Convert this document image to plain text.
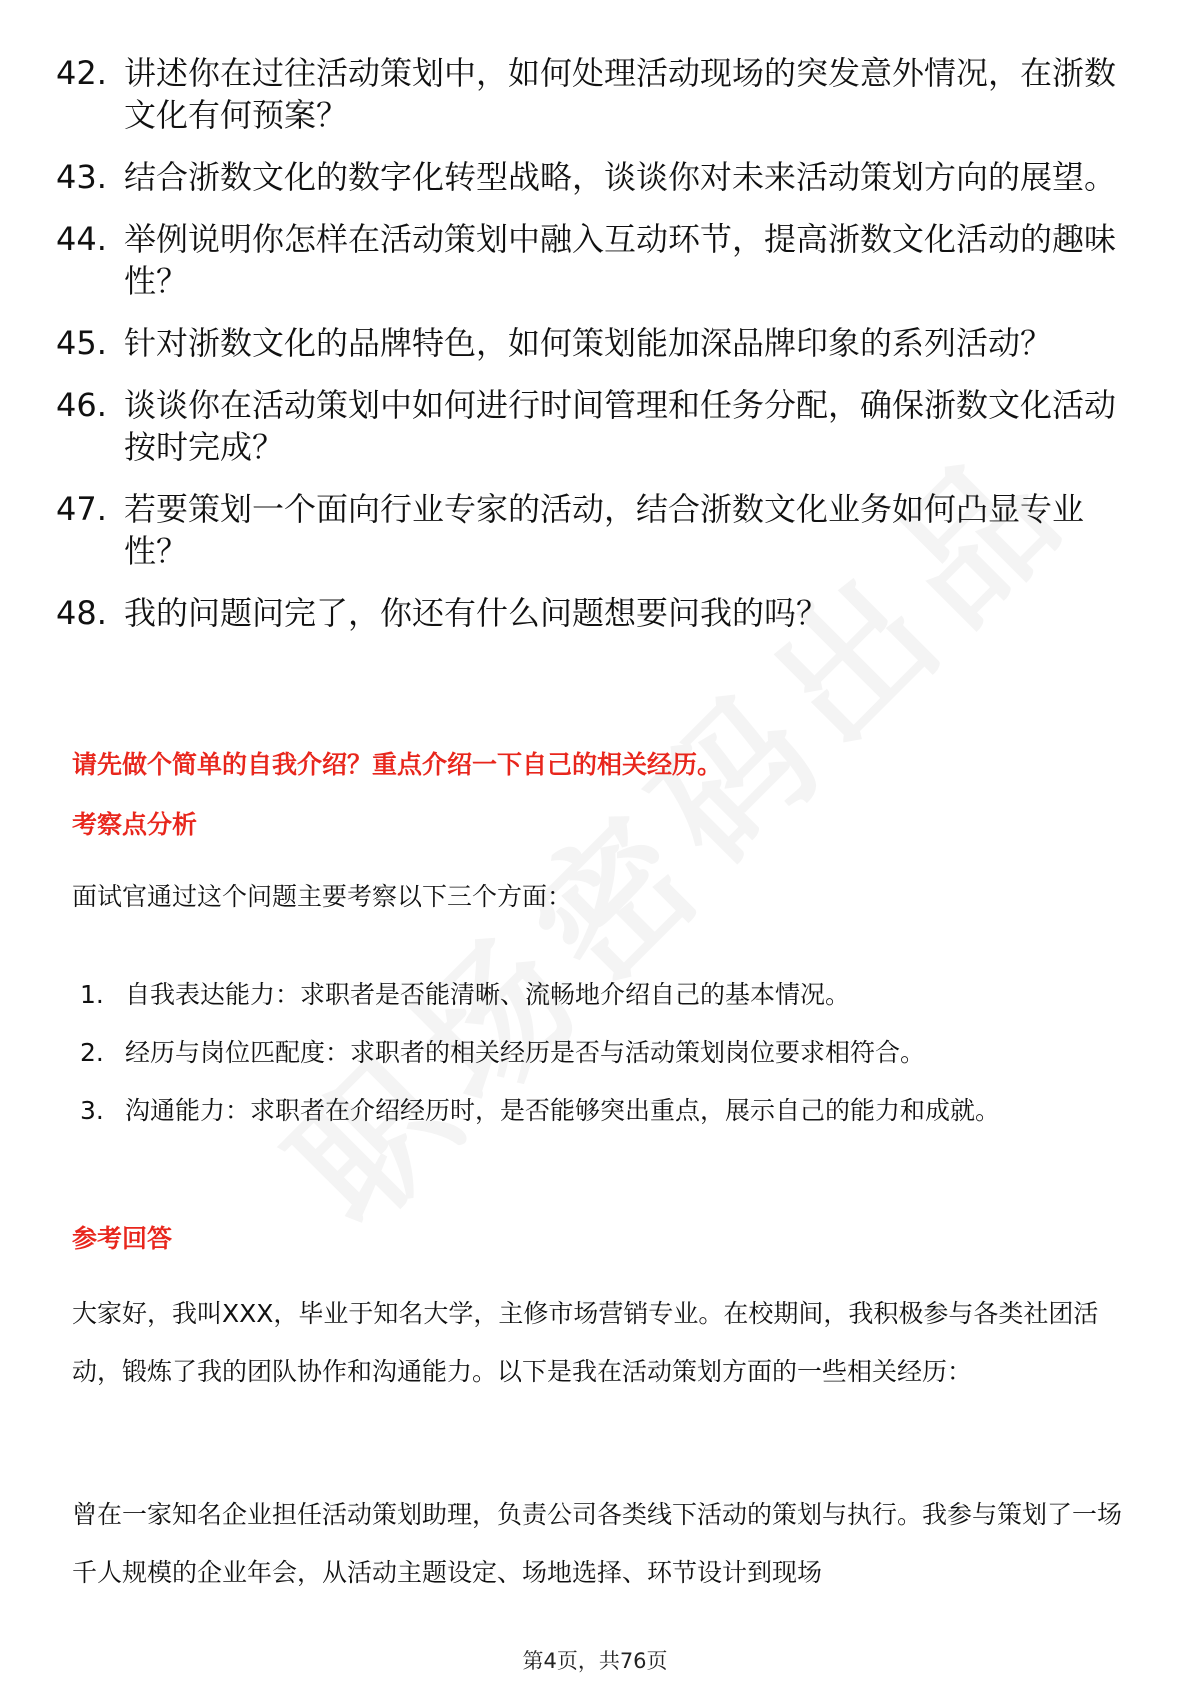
42. 讲述你在过往活动策划中，如何处理活动现场的突发意外情况，在浙数文化有何预案？
43. 结合浙数文化的数字化转型战略，谈谈你对未来活动策划方向的展望。
44. 举例说明你怎样在活动策划中融入互动环节，提高浙数文化活动的趣味性？
45. 针对浙数文化的品牌特色，如何策划能加深品牌印象的系列活动？
46. 谈谈你在活动策划中如何进行时间管理和任务分配，确保浙数文化活动按时完成？
47. 若要策划一个面向行业专家的活动，结合浙数文化业务如何凸显专业性？
48. 我的问题问完了，你还有什么问题想要问我的吗？
请先做个简单的自我介绍？重点介绍一下自己的相关经历。
考察点分析
面试官通过这个问题主要考察以下三个方面：
1. 自我表达能力：求职者是否能清晰、流畅地介绍自己的基本情况。
2. 经历与岗位匹配度：求职者的相关经历是否与活动策划岗位要求相符合。
3. 沟通能力：求职者在介绍经历时，是否能够突出重点，展示自己的能力和成就。
参考回答
大家好，我叫XXX，毕业于知名大学，主修市场营销专业。在校期间，我积极参与各类社团活动，锻炼了我的团队协作和沟通能力。以下是我在活动策划方面的一些相关经历：
曾在一家知名企业担任活动策划助理，负责公司各类线下活动的策划与执行。我参与策划了一场千人规模的企业年会，从活动主题设定、场地选择、环节设计到现场
第4页，共76页
